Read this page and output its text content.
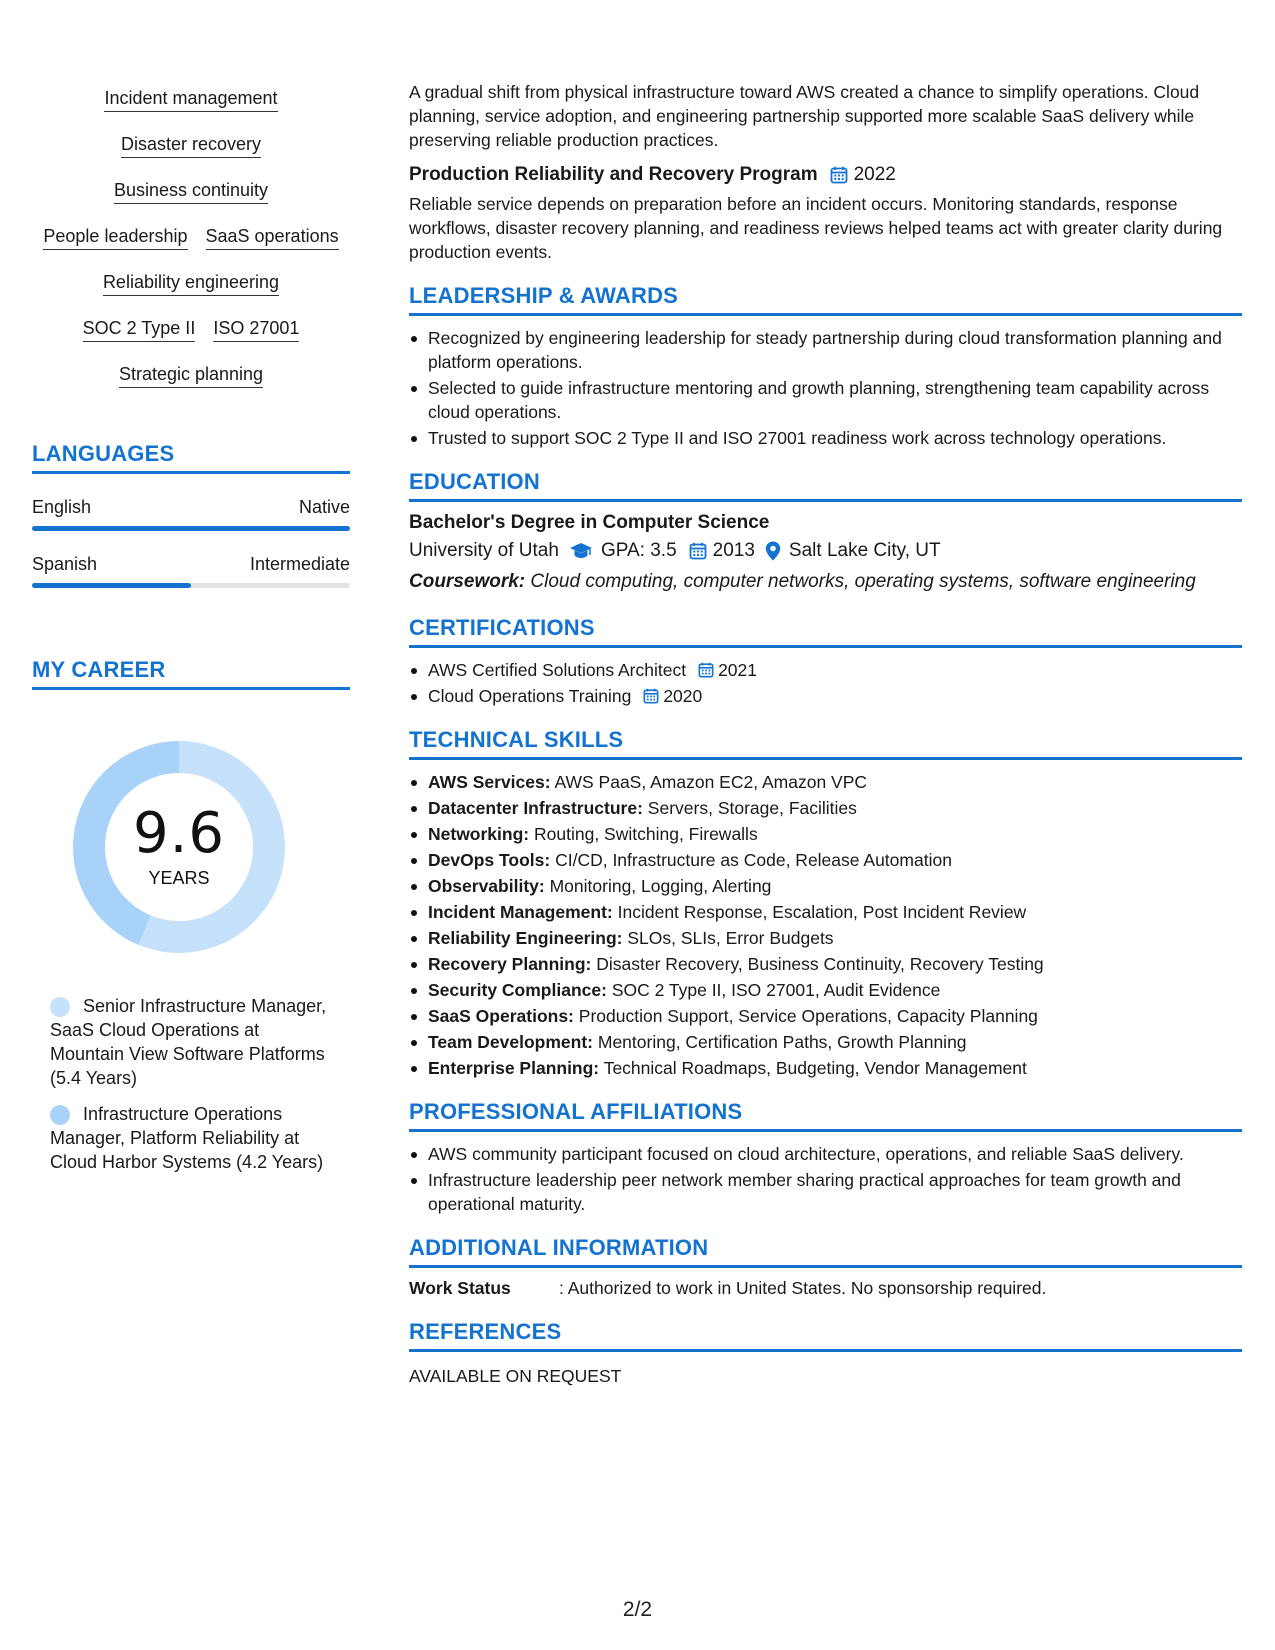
Incident management
Disaster recovery
Business continuity
People leadership SaaS operations
Reliability engineering
SOC 2 Type II ISO 27001
Strategic planning
LANGUAGES
English	Native
Spanish	Intermediate
MY CAREER
9.6
YEARS
Senior Infrastructure Manager, SaaS Cloud Operations at Mountain View Software Platforms (5.4 Years)
Infrastructure Operations Manager, Platform Reliability at Cloud Harbor Systems (4.2 Years)

A gradual shift from physical infrastructure toward AWS created a chance to simplify operations. Cloud planning, service adoption, and engineering partnership supported more scalable SaaS delivery while preserving reliable production practices.

Production Reliability and Recovery Program 2022

Reliable service depends on preparation before an incident occurs. Monitoring standards, response workflows, disaster recovery planning, and readiness reviews helped teams act with greater clarity during production events.

LEADERSHIP & AWARDS
Recognized by engineering leadership for steady partnership during cloud transformation planning and platform operations.
Selected to guide infrastructure mentoring and growth planning, strengthening team capability across cloud operations.
Trusted to support SOC 2 Type II and ISO 27001 readiness work across technology operations.
EDUCATION
Bachelor's Degree in Computer Science
University of Utah GPA: 3.5 2013 Salt Lake City, UT

Coursework: Cloud computing, computer networks, operating systems, software engineering

CERTIFICATIONS
AWS Certified Solutions Architect 2021
Cloud Operations Training 2020
TECHNICAL SKILLS
AWS Services: AWS PaaS, Amazon EC2, Amazon VPC
Datacenter Infrastructure: Servers, Storage, Facilities
Networking: Routing, Switching, Firewalls
DevOps Tools: CI/CD, Infrastructure as Code, Release Automation
Observability: Monitoring, Logging, Alerting
Incident Management: Incident Response, Escalation, Post Incident Review
Reliability Engineering: SLOs, SLIs, Error Budgets
Recovery Planning: Disaster Recovery, Business Continuity, Recovery Testing
Security Compliance: SOC 2 Type II, ISO 27001, Audit Evidence
SaaS Operations: Production Support, Service Operations, Capacity Planning
Team Development: Mentoring, Certification Paths, Growth Planning
Enterprise Planning: Technical Roadmaps, Budgeting, Vendor Management
PROFESSIONAL AFFILIATIONS
AWS community participant focused on cloud architecture, operations, and reliable SaaS delivery.
Infrastructure leadership peer network member sharing practical approaches for team growth and operational maturity.
ADDITIONAL INFORMATION
Work Status	: Authorized to work in United States. No sponsorship required.
REFERENCES

AVAILABLE ON REQUEST

2/2
